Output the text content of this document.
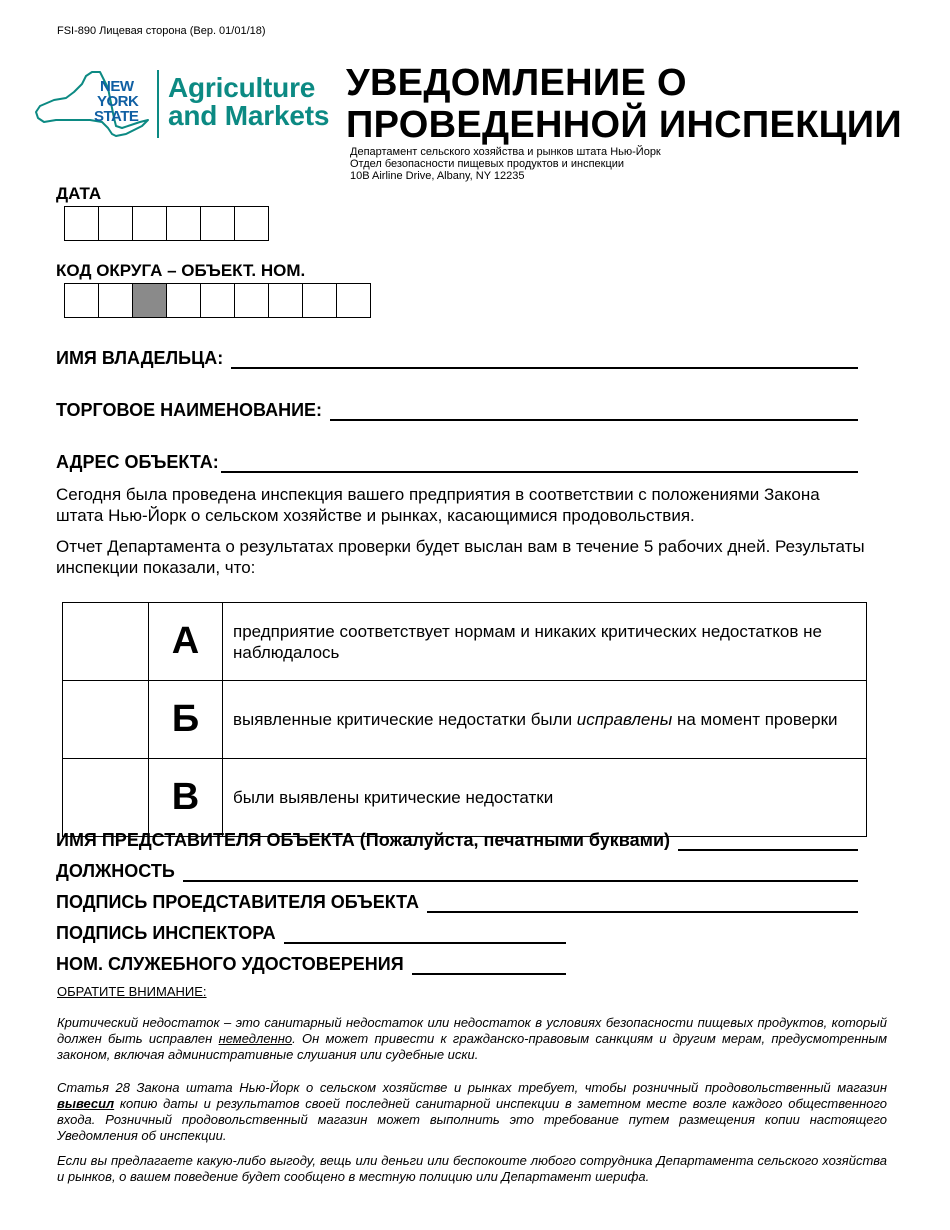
FSI-890 Лицевая сторона (Вер. 01/01/18)
NEW
YORK
STATE
Agriculture
and Markets
УВЕДОМЛЕНИЕ О
ПРОВЕДЕННОЙ ИНСПЕКЦИИ
Департамент сельского хозяйства и рынков штата Нью-Йорк
Отдел безопасности пищевых продуктов и инспекции
10B Airline Drive, Albany, NY 12235
ДАТА
КОД ОКРУГА – ОБЪЕКТ. НОМ.
ИМЯ ВЛАДЕЛЬЦА:
ТОРГОВОЕ НАИМЕНОВАНИЕ:
АДРЕС ОБЪЕКТА:
Сегодня была проведена инспекция вашего предприятия в соответствии с положениями Закона штата Нью-Йорк о сельском хозяйстве и рынках, касающимися продовольствия.
Отчет Департамента о результатах проверки будет выслан вам в течение 5 рабочих дней. Результаты инспекции показали, что:
	А	предприятие соответствует нормам и никаких критических недостатков не наблюдалось
	Б	выявленные критические недостатки были исправлены на момент проверки
	В	были выявлены критические недостатки
ИМЯ ПРЕДСТАВИТЕЛЯ ОБЪЕКТА (Пожалуйста, печатными буквами)
ДОЛЖНОСТЬ
ПОДПИСЬ ПРОЕДСТАВИТЕЛЯ ОБЪЕКТА
ПОДПИСЬ ИНСПЕКТОРА
НОМ. СЛУЖЕБНОГО УДОСТОВЕРЕНИЯ
ОБРАТИТЕ ВНИМАНИЕ:
Критический недостаток – это санитарный недостаток или недостаток в условиях безопасности пищевых продуктов, который должен быть исправлен немедленно. Он может привести к гражданско-правовым санкциям и другим мерам, предусмотренным законом, включая административные слушания или судебные иски.
Статья 28 Закона штата Нью-Йорк о сельском хозяйстве и рынках требует, чтобы розничный продовольственный магазин вывесил копию даты и результатов своей последней санитарной инспекции в заметном месте возле каждого общественного входа. Розничный продовольственный магазин может выполнить это требование путем размещения копии настоящего Уведомления об инспекции.
Если вы предлагаете какую-либо выгоду, вещь или деньги или беспокоите любого сотрудника Департамента сельского хозяйства и рынков, о вашем поведение будет сообщено в местную полицию или Департамент шерифа.
